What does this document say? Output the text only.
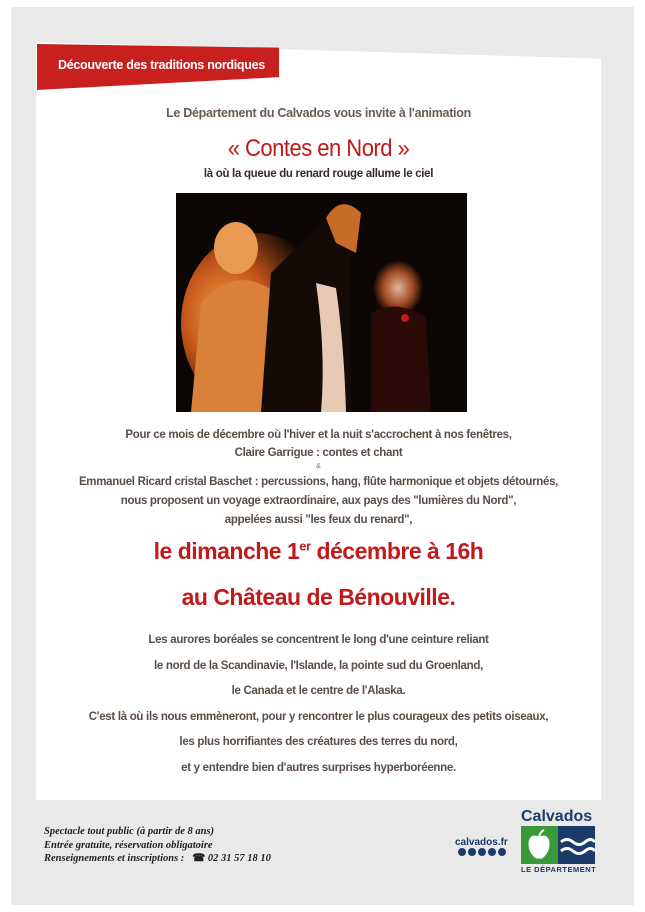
Découverte des traditions nordiques
Le Département du Calvados vous invite à l'animation
« Contes en Nord »
là où la queue du renard rouge allume le ciel
Pour ce mois de décembre où l'hiver et la nuit s'accrochent à nos fenêtres,
Claire Garrigue : contes et chant
&
Emmanuel Ricard cristal Baschet : percussions, hang, flûte harmonique et objets détournés,
nous proposent un voyage extraordinaire, aux pays des "lumières du Nord",
appelées aussi "les feux du renard",
le dimanche 1er décembre à 16h
au Château de Bénouville.
Les aurores boréales se concentrent le long d'une ceinture reliant
le nord de la Scandinavie, l'Islande, la pointe sud du Groenland,
le Canada et le centre de l'Alaska.
C'est là où ils nous emmèneront, pour y rencontrer le plus courageux des petits oiseaux,
les plus horrifiantes des créatures des terres du nord,
et y entendre bien d'autres surprises hyperboréenne.
Spectacle tout public (à partir de 8 ans)
Entrée gratuite, réservation obligatoire
Renseignements et inscriptions : ☎ 02 31 57 18 10
calvados.fr
Calvados
LE DÉPARTEMENT
